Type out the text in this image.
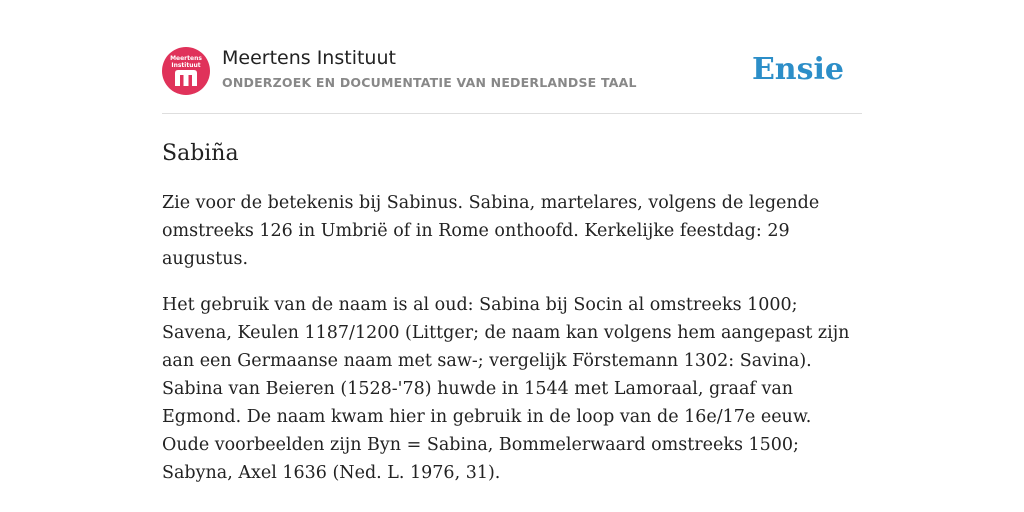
Meertens
Instituut	Meertens Instituut
ONDERZOEK EN DOCUMENTATIE VAN NEDERLANDSE TAAL	Ensie
Sabiña

Zie voor de betekenis bij Sabinus. Sabina, martelares, volgens de legende omstreeks 126 in Umbrië of in Rome onthoofd. Kerkelijke feestdag: 29 augustus.

Het gebruik van de naam is al oud: Sabina bij Socin al omstreeks 1000; Savena, Keulen 1187/1200 (Littger; de naam kan volgens hem aangepast zijn aan een Germaanse naam met saw-; vergelijk Förstemann 1302: Savina). Sabina van Beieren (1528-'78) huwde in 1544 met Lamoraal, graaf van Egmond. De naam kwam hier in gebruik in de loop van de 16e/17e eeuw. Oude voorbeelden zijn Byn = Sabina, Bommelerwaard omstreeks 1500; Sabyna, Axel 1636 (Ned. L. 1976, 31).
